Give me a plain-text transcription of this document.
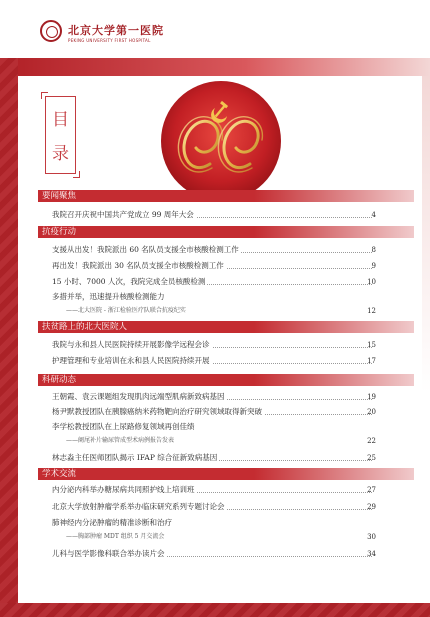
北京大学第一医院
PEKING UNIVERSITY FIRST HOSPITAL
目
录
要闻聚焦
我院召开庆祝中国共产党成立 99 周年大会	4
抗疫行动
支援从出发！我院派出 60 名队员支援全市核酸检测工作	8
再出发！我院派出 30 名队员支援全市核酸检测工作	9
15 小时、7000 人次，我院完成全员核酸检测	10
多措并举，迅速提升核酸检测能力
——北大医院 - 浙江检验医疗队联合抗疫纪实	12
扶贫路上的北大医院人
我院与永和县人民医院持续开展影像学远程会诊	15
护理管理和专业培训在永和县人民医院持续开展	17
科研动态
王朝霞、袁云课题组发现肌肉远端型肌病新致病基因	19
杨尹默教授团队在胰腺癌纳米药物靶向治疗研究领域取得新突破	20
李学松教授团队在上尿路修复领域再创佳绩
——阑尾补片输尿管成型术病例报告发表	22
林志淼主任医师团队揭示 IFAP 综合征新致病基因	25
学术交流
内分泌内科举办糖尿病共同照护线上培训班	27
北京大学放射肿瘤学系举办临床研究系列专题讨论会	29
肺神经内分泌肿瘤的精准诊断和治疗
——胸部肿瘤 MDT 组织 5 月交流会	30
儿科与医学影像科联合举办读片会	34
